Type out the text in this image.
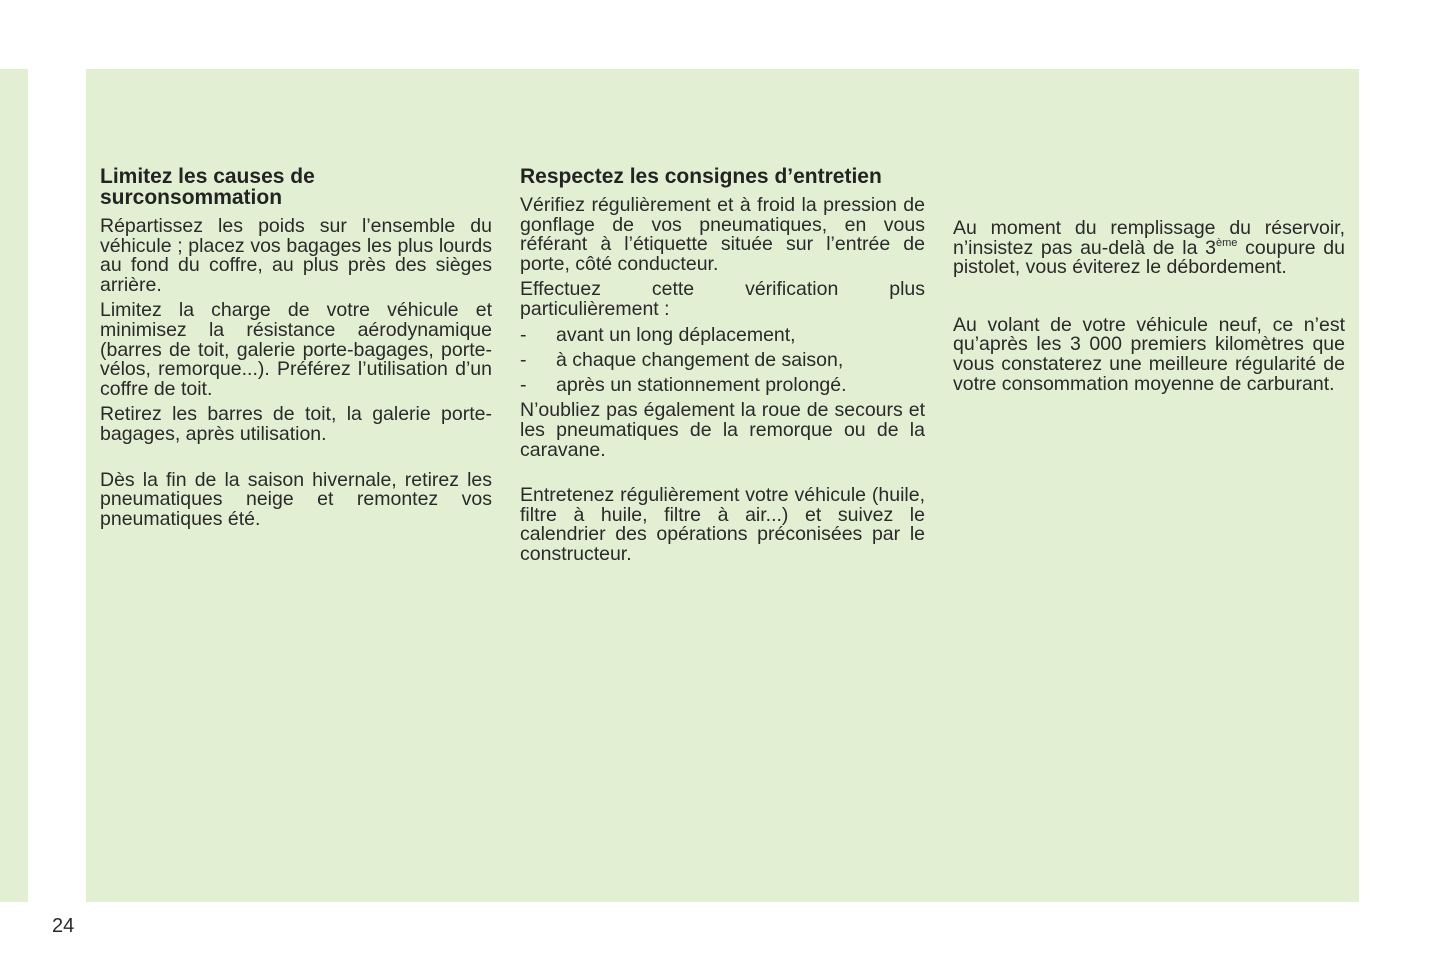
Limitez les causes de surconsommation

Répartissez les poids sur l’ensemble du véhicule ; placez vos bagages les plus lourds au fond du coffre, au plus près des sièges arrière.

Limitez la charge de votre véhicule et minimisez la résistance aérodynamique (barres de toit, galerie porte-bagages, porte-vélos, remorque...). Préférez l’utilisation d’un coffre de toit.

Retirez les barres de toit, la galerie porte-bagages, après utilisation.

Dès la fin de la saison hivernale, retirez les pneumatiques neige et remontez vos pneumatiques été.

Respectez les consignes d’entretien

Vérifiez régulièrement et à froid la pression de gonflage de vos pneumatiques, en vous référant à l’étiquette située sur l’entrée de porte, côté conducteur.

Effectuez cette vérification plus particulièrement :

- avant un long déplacement,
- à chaque changement de saison,
- après un stationnement prolongé.

N’oubliez pas également la roue de secours et les pneumatiques de la remorque ou de la caravane.

Entretenez régulièrement votre véhicule (huile, filtre à huile, filtre à air...) et suivez le calendrier des opérations préconisées par le constructeur.

Au moment du remplissage du réservoir, n’insistez pas au-delà de la 3ème coupure du pistolet, vous éviterez le débordement.

Au volant de votre véhicule neuf, ce n’est qu’après les 3 000 premiers kilomètres que vous constaterez une meilleure régularité de votre consommation moyenne de carburant.

24
